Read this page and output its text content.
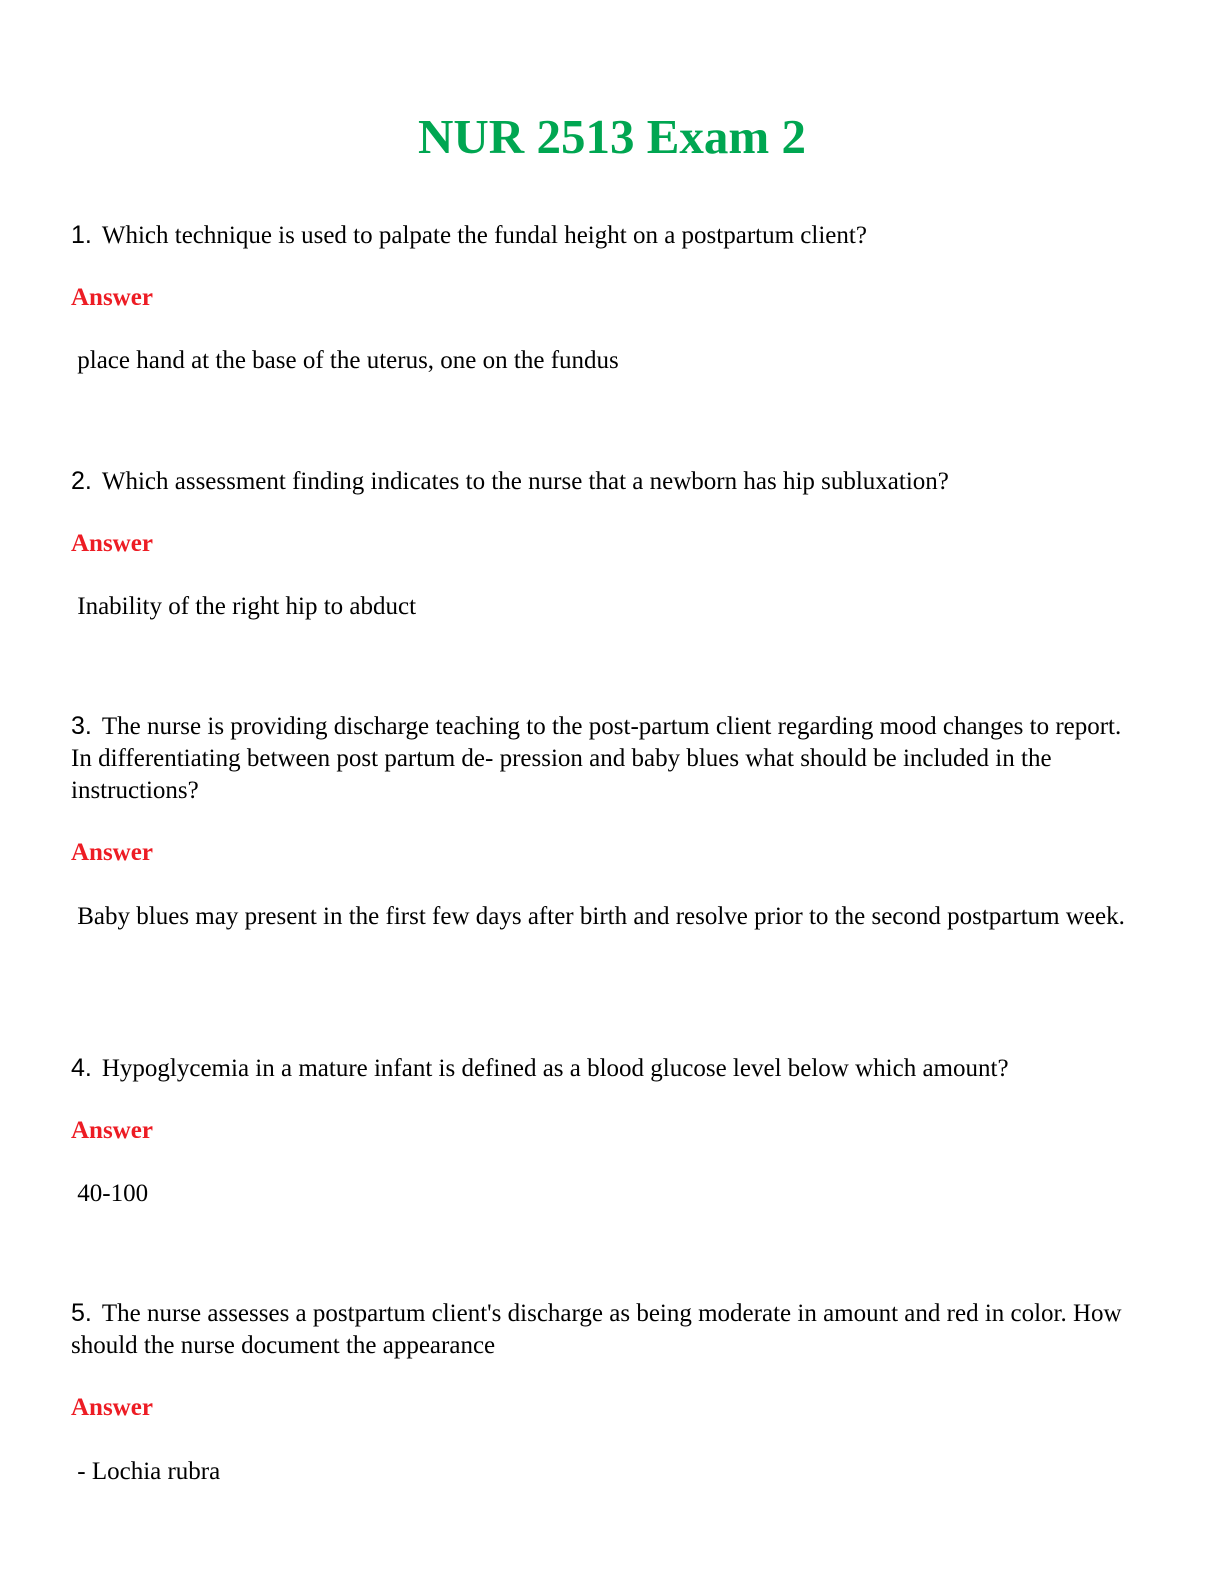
NUR 2513 Exam 2

1. Which technique is used to palpate the fundal height on a postpartum client?

Answer
place hand at the base of the uterus, one on the fundus

2. Which assessment finding indicates to the nurse that a newborn has hip subluxation?

Answer
Inability of the right hip to abduct

3. The nurse is providing discharge teaching to the post-partum client regarding mood changes to report. In differentiating between post partum de- pression and baby blues what should be included in the instructions?

Answer
Baby blues may present in the first few days after birth and resolve prior to the second postpartum week.

4. Hypoglycemia in a mature infant is defined as a blood glucose level below which amount?

Answer
40-100

5. The nurse assesses a postpartum client's discharge as being moderate in amount and red in color. How should the nurse document the appearance

Answer
- Lochia rubra
